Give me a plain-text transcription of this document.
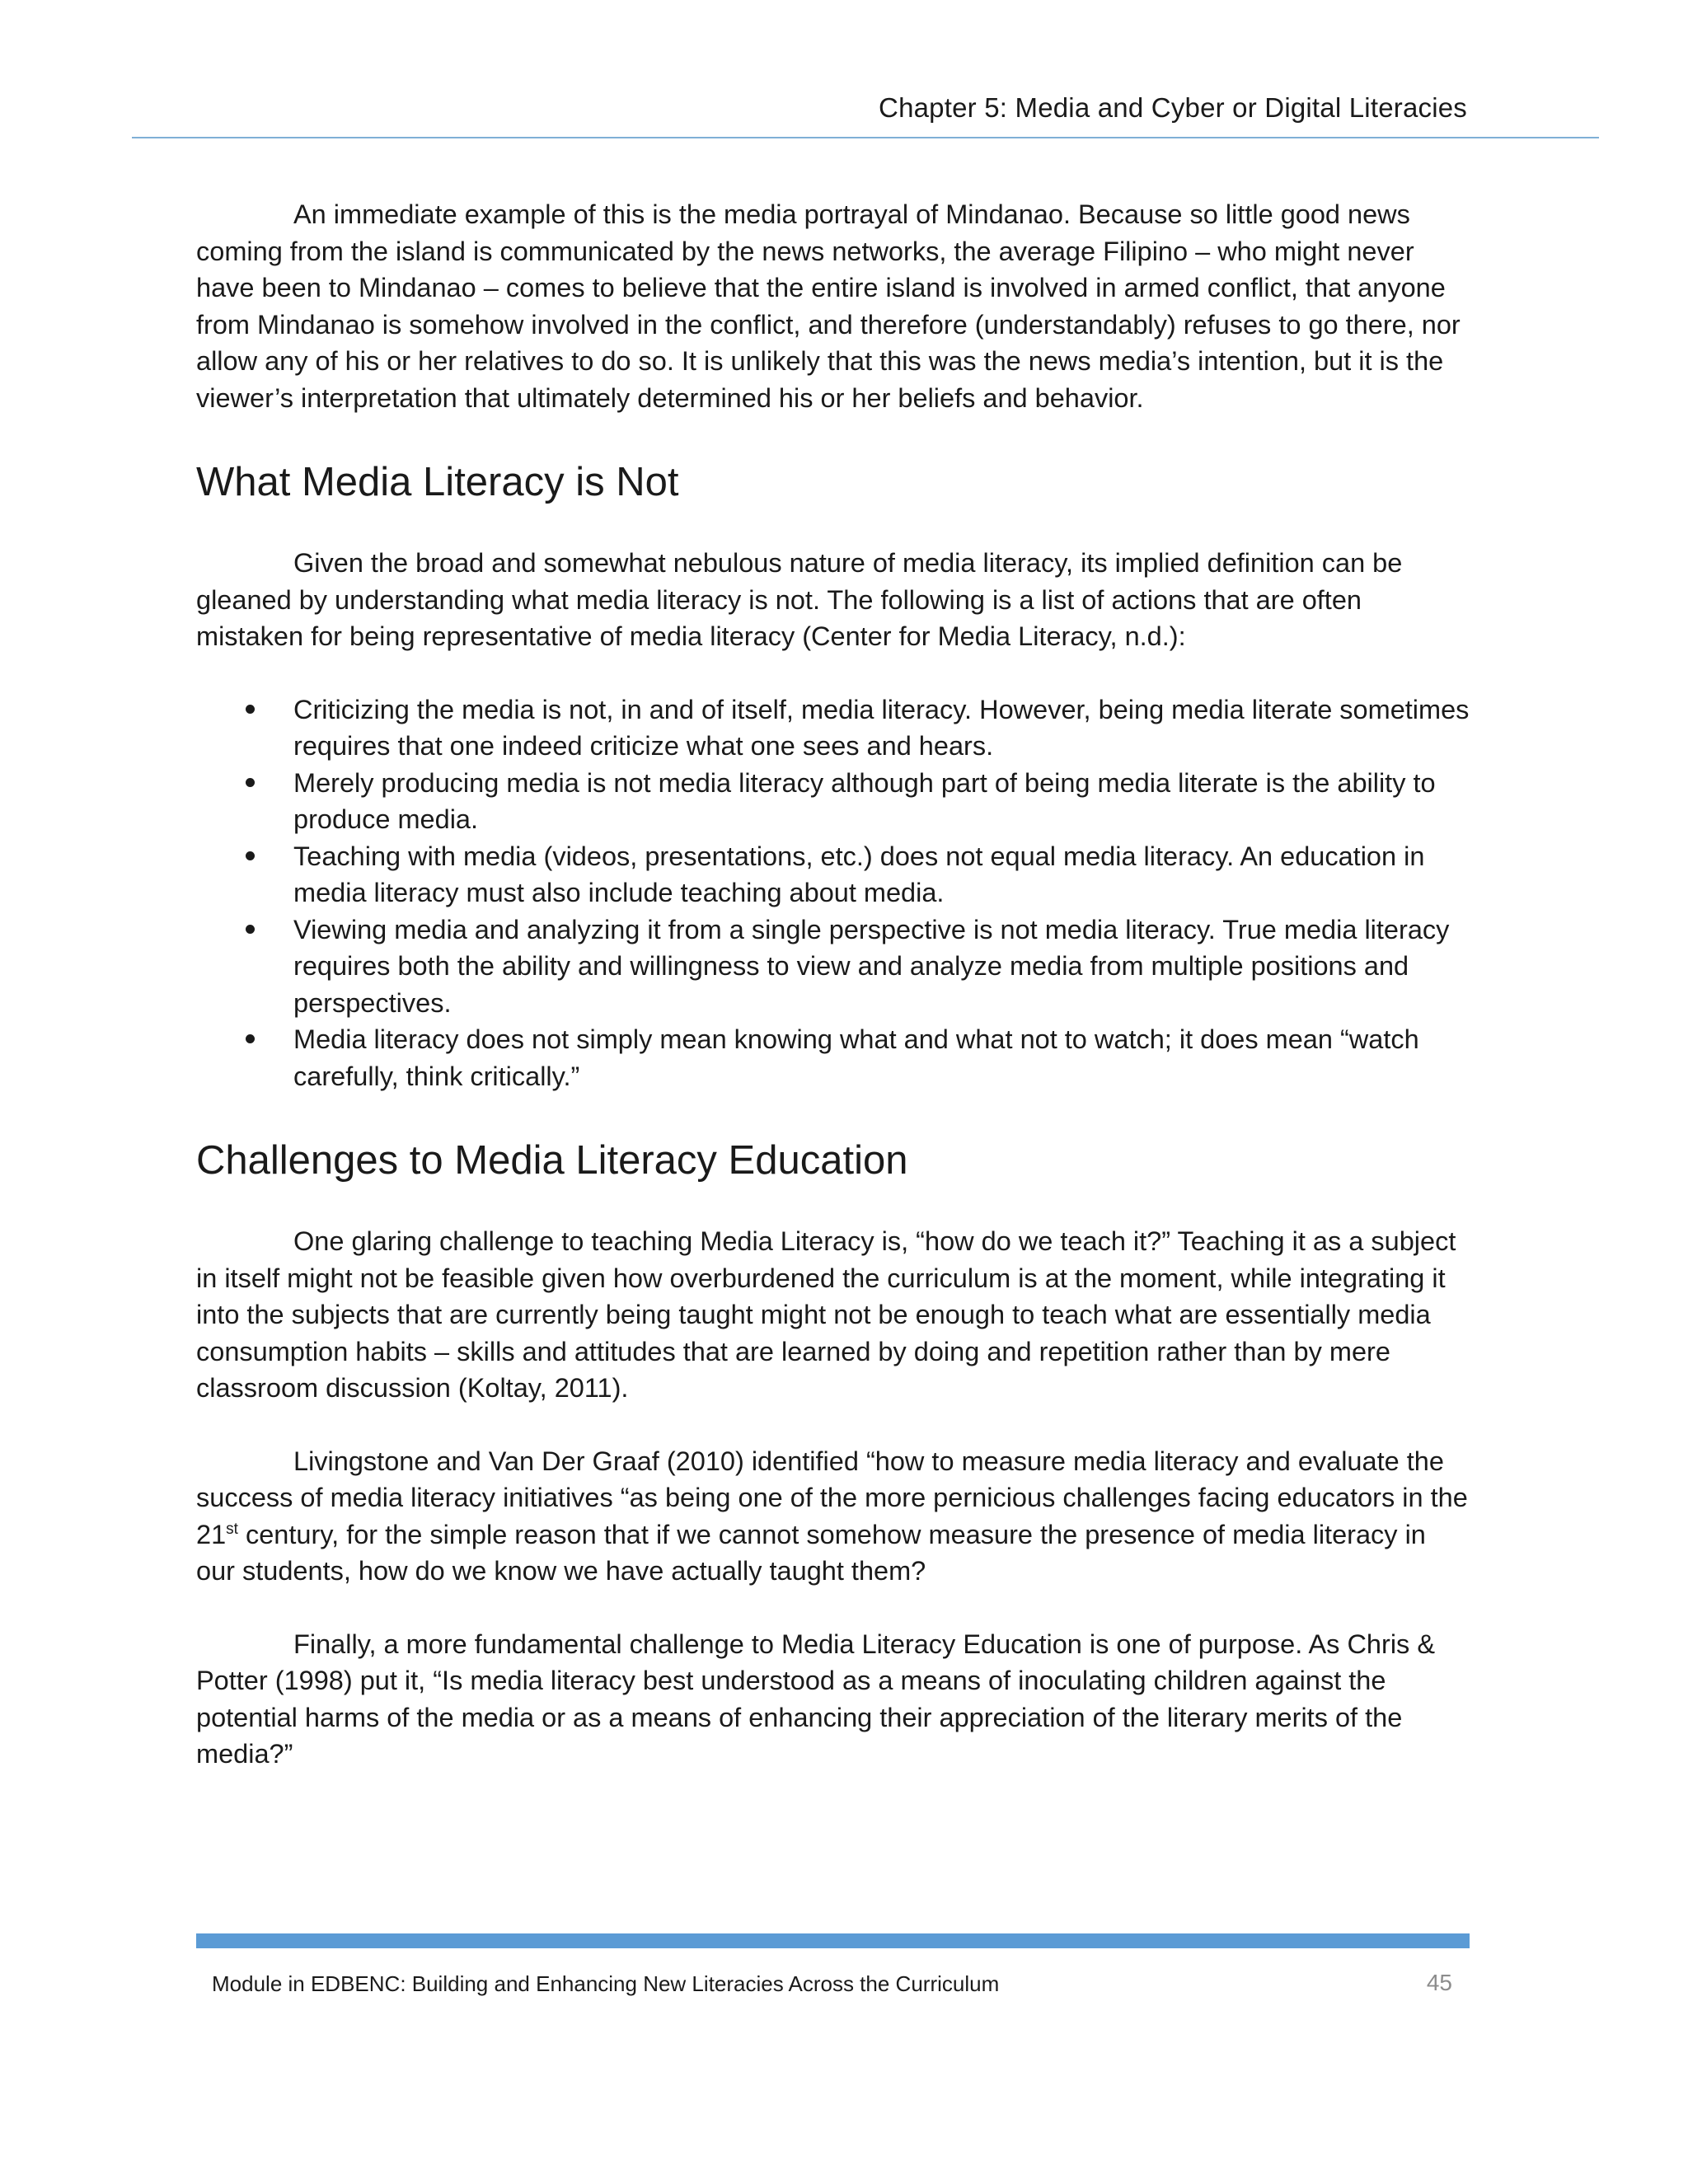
Chapter 5: Media and Cyber or Digital Literacies

An immediate example of this is the media portrayal of Mindanao. Because so little good news coming from the island is communicated by the news networks, the average Filipino – who might never have been to Mindanao – comes to believe that the entire island is involved in armed conflict, that anyone from Mindanao is somehow involved in the conflict, and therefore (understandably) refuses to go there, nor allow any of his or her relatives to do so. It is unlikely that this was the news media’s intention, but it is the viewer’s interpretation that ultimately determined his or her beliefs and behavior.

What Media Literacy is Not

Given the broad and somewhat nebulous nature of media literacy, its implied definition can be gleaned by understanding what media literacy is not. The following is a list of actions that are often mistaken for being representative of media literacy (Center for Media Literacy, n.d.):

Criticizing the media is not, in and of itself, media literacy. However, being media literate sometimes requires that one indeed criticize what one sees and hears.
Merely producing media is not media literacy although part of being media literate is the ability to produce media.
Teaching with media (videos, presentations, etc.) does not equal media literacy. An education in media literacy must also include teaching about media.
Viewing media and analyzing it from a single perspective is not media literacy. True media literacy requires both the ability and willingness to view and analyze media from multiple positions and perspectives.
Media literacy does not simply mean knowing what and what not to watch; it does mean “watch carefully, think critically.”
Challenges to Media Literacy Education

One glaring challenge to teaching Media Literacy is, “how do we teach it?” Teaching it as a subject in itself might not be feasible given how overburdened the curriculum is at the moment, while integrating it into the subjects that are currently being taught might not be enough to teach what are essentially media consumption habits – skills and attitudes that are learned by doing and repetition rather than by mere classroom discussion (Koltay, 2011).

Livingstone and Van Der Graaf (2010) identified “how to measure media literacy and evaluate the success of media literacy initiatives “as being one of the more pernicious challenges facing educators in the 21st century, for the simple reason that if we cannot somehow measure the presence of media literacy in our students, how do we know we have actually taught them?

Finally, a more fundamental challenge to Media Literacy Education is one of purpose. As Chris & Potter (1998) put it, “Is media literacy best understood as a means of inoculating children against the potential harms of the media or as a means of enhancing their appreciation of the literary merits of the media?”

Module in EDBENC: Building and Enhancing New Literacies Across the Curriculum	45
